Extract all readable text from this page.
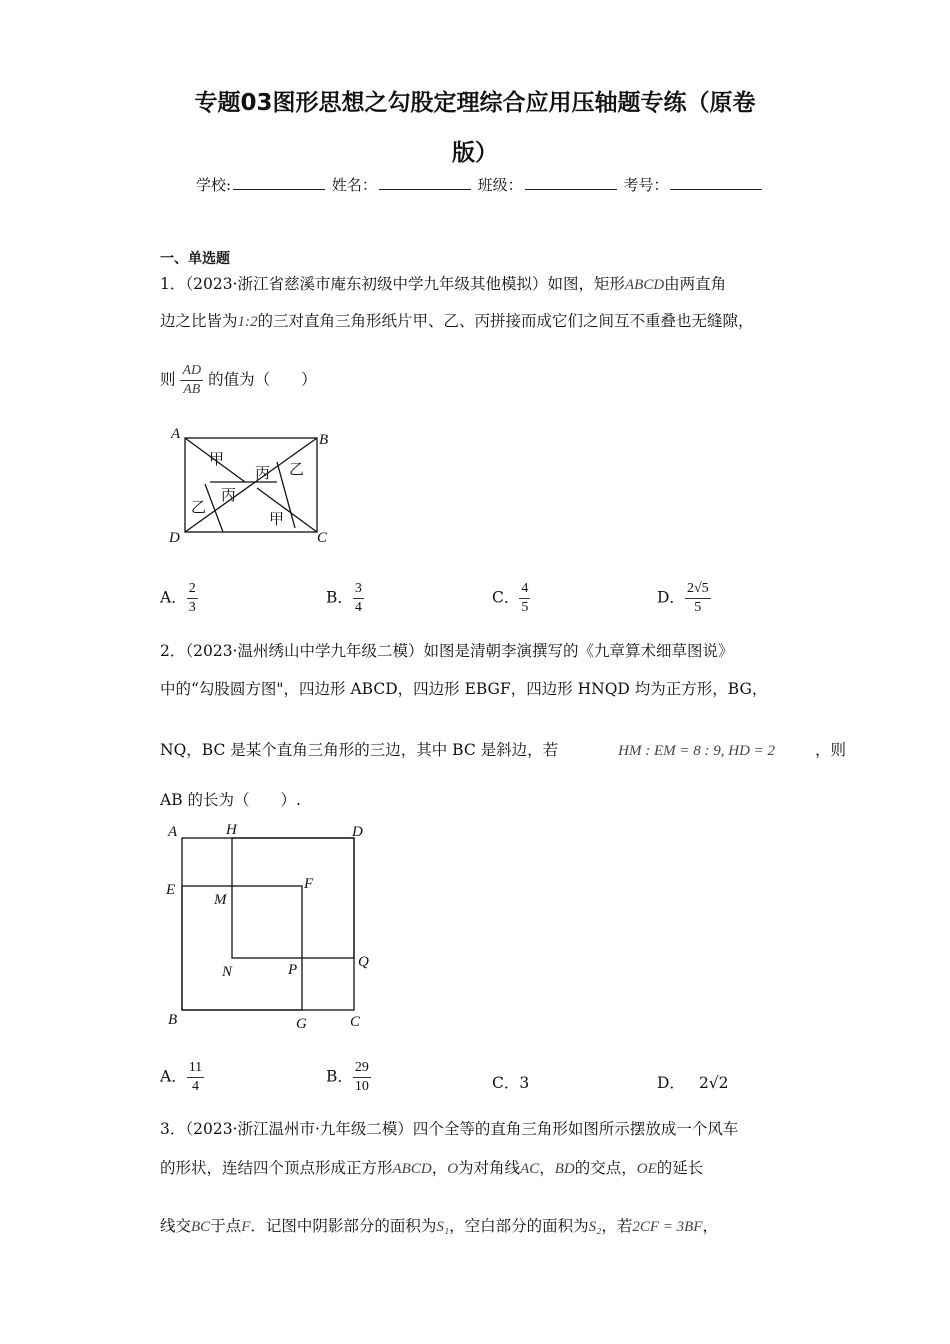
专题03图形思想之勾股定理综合应用压轴题专练（原卷
版）
学校:	姓名：	班级：	考号：
一、单选题
1．（2023·浙江省慈溪市庵东初级中学九年级其他模拟）如图，矩形ABCD由两直角
边之比皆为1:2的三对直角三角形纸片甲、乙、丙拼接而成它们之间互不重叠也无缝隙，
则 $\frac{AD}{AB}$ 的值为（　　）
A	B
C
D
甲
甲
乙
乙
丙
丙
A． $\frac{2}{3}$	B． $\frac{3}{4}$	C． $\frac{4}{5}$	D． $\frac{2√5}{5}$
2．（2023·温州绣山中学九年级二模）如图是清朝李演撰写的《九章算术细草图说》
中的“勾股圆方图"，四边形 ABCD，四边形 EBGF，四边形 HNQD 均为正方形，BG，
NQ，BC 是某个直角三角形的三边，其中 BC 是斜边，若	HM : EM = 8 : 9, HD = 2	，则
AB 的长为（　　）.
A	H	D
E
M
F
N	P	Q
B	G	C
A． $\frac{11}{4}$	B． $\frac{29}{10}$	C．3	D． 2√2
3．（2023·浙江温州市·九年级二模）四个全等的直角三角形如图所示摆放成一个风车
的形状，连结四个顶点形成正方形ABCD，O为对角线AC，BD的交点，OE的延长
线交BC于点F．记图中阴影部分的面积为S₁，空白部分的面积为S₂，若2CF = 3BF，
